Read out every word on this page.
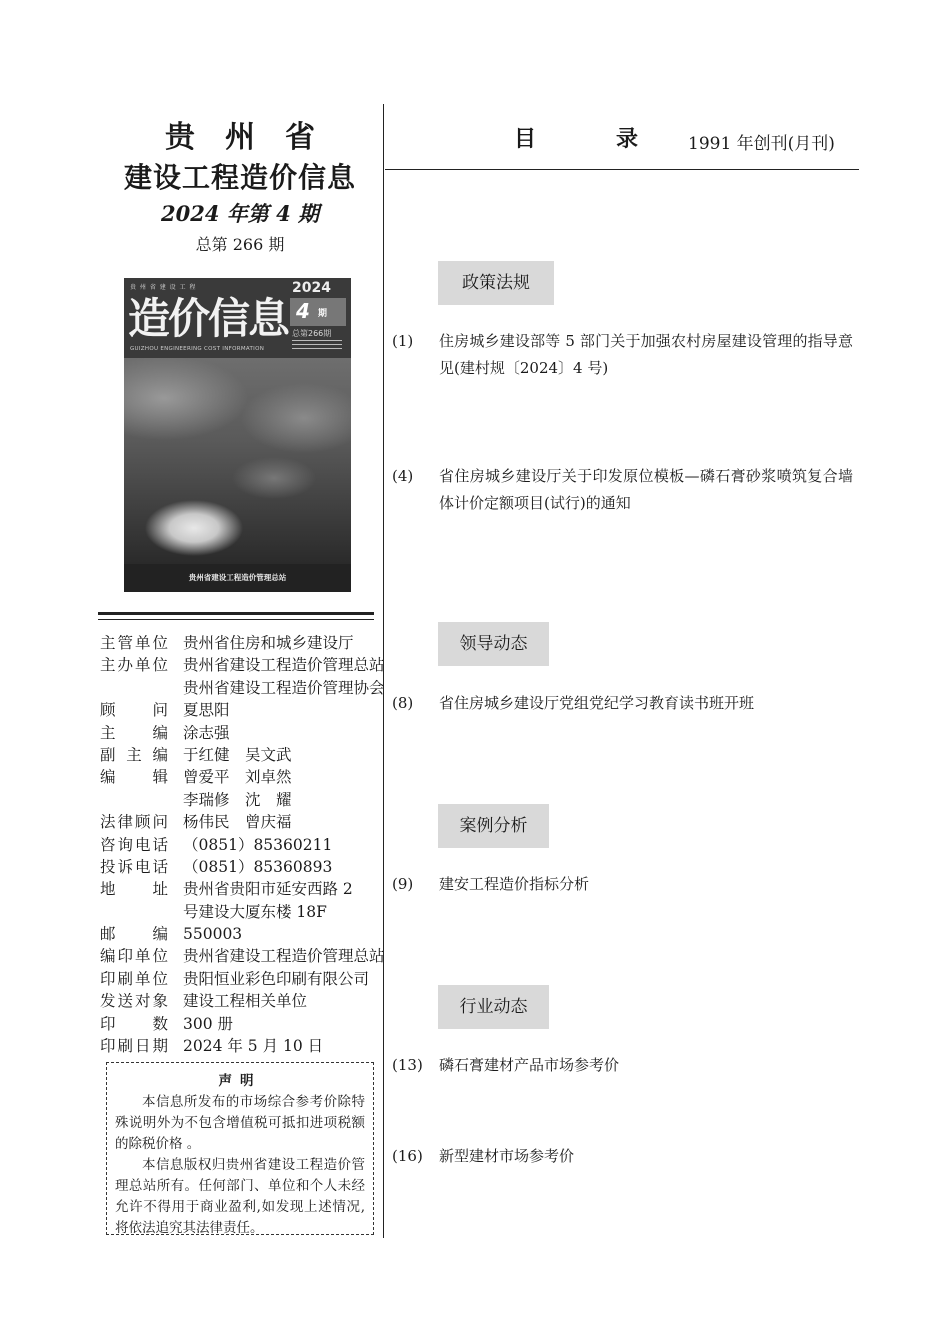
贵州省
建设工程造价信息
2024 年第 4 期
总第 266 期
贵 州 省 建 设 工 程
造价信息
GUIZHOU ENGINEERING COST INFORMATION
2024
4 期
总第266期
贵州省建设工程造价管理总站
主管单位 贵州省住房和城乡建设厅
主办单位 贵州省建设工程造价管理总站
贵州省建设工程造价管理协会
顾问 夏思阳
主编 涂志强
副主编 于红健　吴文武
编辑 曾爱平　刘卓然
李瑞修　沈　耀
法律顾问 杨伟民　曾庆福
咨询电话 （0851）85360211
投诉电话 （0851）85360893
地址 贵州省贵阳市延安西路 2
号建设大厦东楼 18F
邮编 550003
编印单位 贵州省建设工程造价管理总站
印刷单位 贵阳恒业彩色印刷有限公司
发送对象 建设工程相关单位
印数 300 册
印刷日期 2024 年 5 月 10 日
声明

本信息所发布的市场综合参考价除特殊说明外为不包含增值税可抵扣进项税额的除税价格 。

本信息版权归贵州省建设工程造价管理总站所有。任何部门、单位和个人未经允许不得用于商业盈利,如发现上述情况,将依法追究其法律责任。

目录
1991 年创刊(月刊)
政策法规
(1)	住房城乡建设部等 5 部门关于加强农村房屋建设管理的指导意见(建村规〔2024〕4 号)
(4)	省住房城乡建设厅关于印发原位模板—磷石膏砂浆喷筑复合墙体计价定额项目(试行)的通知
领导动态
(8)	省住房城乡建设厅党组党纪学习教育读书班开班
案例分析
(9)	建安工程造价指标分析
行业动态
(13)	磷石膏建材产品市场参考价
(16)	新型建材市场参考价
